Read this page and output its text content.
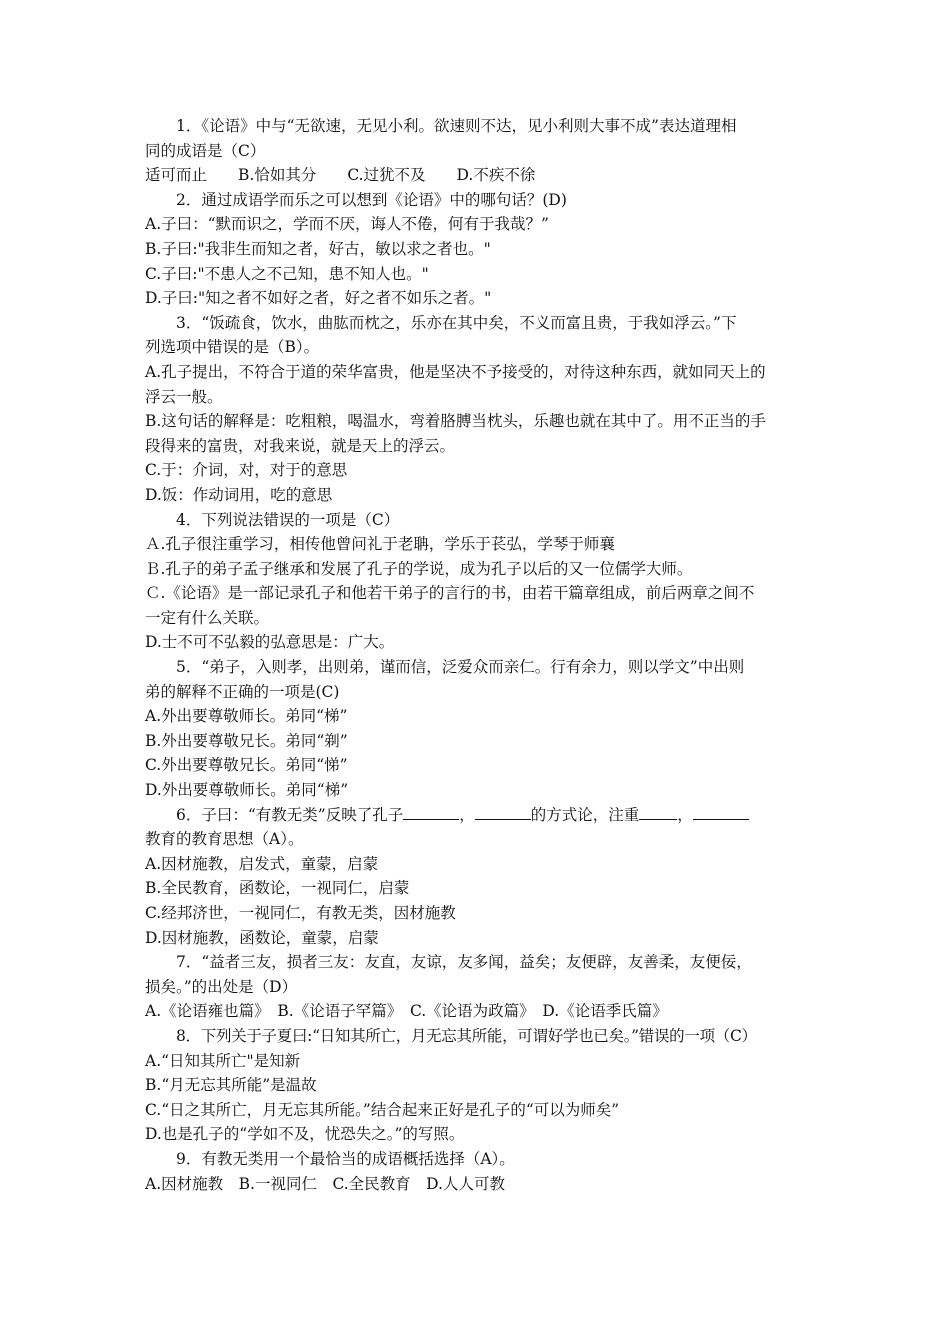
1．《论语》中与“无欲速，无见小利。欲速则不达，见小利则大事不成”表达道理相

同的成语是（C）

适可而止　　B.恰如其分　　C.过犹不及　　D.不疾不徐

2．通过成语学而乐之可以想到《论语》中的哪句话？(D)

A.子曰：“默而识之，学而不厌，诲人不倦，何有于我哉？”

B.子曰:"我非生而知之者，好古，敏以求之者也。"

C.子曰:"不患人之不己知，患不知人也。"

D.子曰:"知之者不如好之者，好之者不如乐之者。"

3．“饭疏食，饮水，曲肱而枕之，乐亦在其中矣，不义而富且贵，于我如浮云。”下

列选项中错误的是（B）。

A.孔子提出，不符合于道的荣华富贵，他是坚决不予接受的，对待这种东西，就如同天上的

浮云一般。

B.这句话的解释是：吃粗粮，喝温水，弯着胳膊当枕头，乐趣也就在其中了。用不正当的手

段得来的富贵，对我来说，就是天上的浮云。

C.于：介词，对，对于的意思

D.饭：作动词用，吃的意思

4．下列说法错误的一项是（C）

Ａ.孔子很注重学习，相传他曾问礼于老聃，学乐于苌弘，学琴于师襄

Ｂ.孔子的弟子孟子继承和发展了孔子的学说，成为孔子以后的又一位儒学大师。

Ｃ.《论语》是一部记录孔子和他若干弟子的言行的书，由若干篇章组成，前后两章之间不

一定有什么关联。

D.士不可不弘毅的弘意思是：广大。

5．“弟子，入则孝，出则弟，谨而信，泛爱众而亲仁。行有余力，则以学文”中出则

弟的解释不正确的一项是(C)

A.外出要尊敬师长。弟同“梯”

B.外出要尊敬兄长。弟同“剃”

C.外出要尊敬兄长。弟同“悌”

D.外出要尊敬师长。弟同“梯”

6．子曰：“有教无类”反映了孔子	，	的方式论，注重 ，

教育的教育思想（A）。

A.因材施教，启发式，童蒙，启蒙

B.全民教育，函数论，一视同仁，启蒙

C.经邦济世，一视同仁，有教无类，因材施教

D.因材施教，函数论，童蒙，启蒙

7．“益者三友，损者三友：友直，友谅，友多闻，益矣；友便辟，友善柔，友便佞，

损矣。”的出处是（D）

A.《论语雍也篇》　B.《论语子罕篇》　C.《论语为政篇》　D.《论语季氏篇》

8．下列关于子夏曰:“日知其所亡，月无忘其所能，可谓好学也已矣。”错误的一项（C）

A.“日知其所亡"是知新

B.“月无忘其所能”是温故

C.“日之其所亡，月无忘其所能。”结合起来正好是孔子的“可以为师矣”

D.也是孔子的“学如不及，忧恐失之。”的写照。

9．有教无类用一个最恰当的成语概括选择（A）。

A.因材施教　B.一视同仁　C.全民教育　D.人人可教
